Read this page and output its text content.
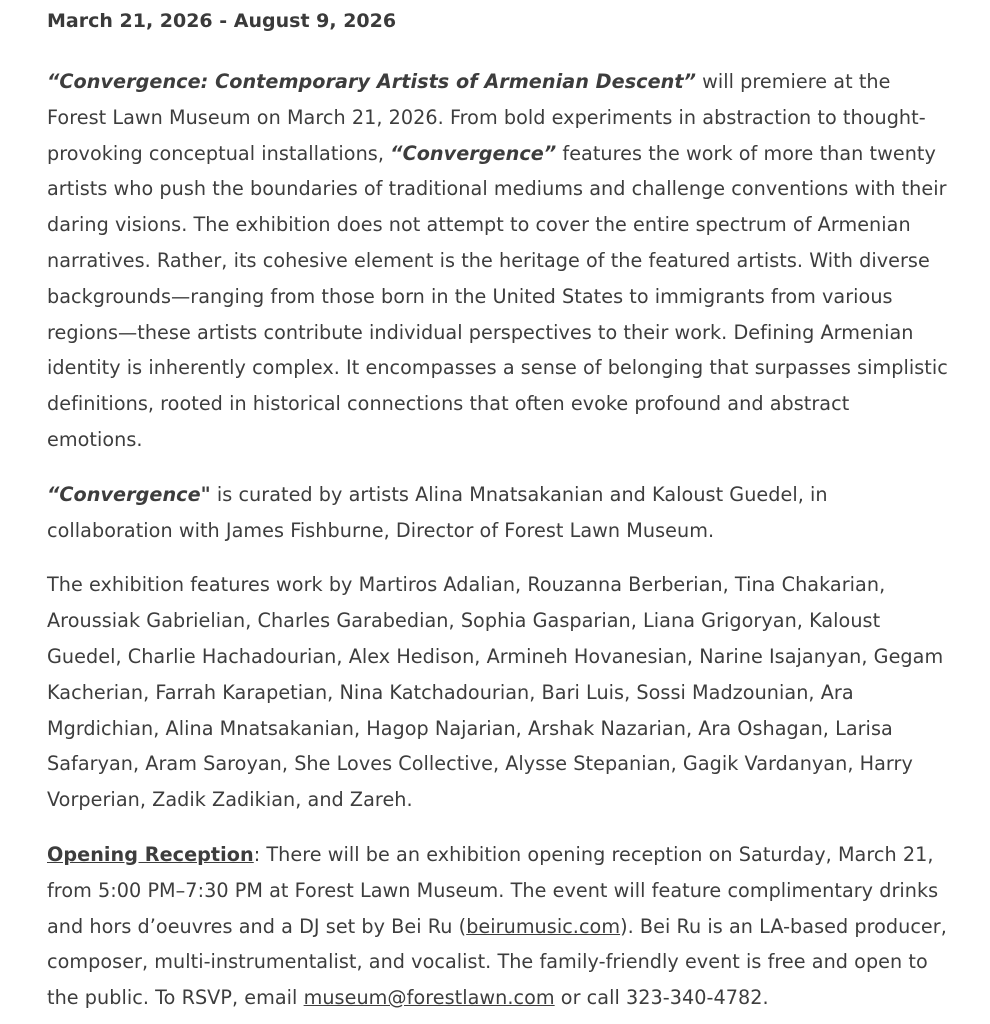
March 21, 2026 - August 9, 2026

“Convergence: Contemporary Artists of Armenian Descent” will premiere at the Forest Lawn Museum on March 21, 2026. From bold experiments in abstraction to thought-provoking conceptual installations, “Convergence” features the work of more than twenty artists who push the boundaries of traditional mediums and challenge conventions with their daring visions. The exhibition does not attempt to cover the entire spectrum of Armenian narratives. Rather, its cohesive element is the heritage of the featured artists. With diverse backgrounds—ranging from those born in the United States to immigrants from various regions—these artists contribute individual perspectives to their work. Defining Armenian identity is inherently complex. It encompasses a sense of belonging that surpasses simplistic definitions, rooted in historical connections that often evoke profound and abstract emotions.

“Convergence" is curated by artists Alina Mnatsakanian and Kaloust Guedel, in collaboration with James Fishburne, Director of Forest Lawn Museum.

The exhibition features work by Martiros Adalian, Rouzanna Berberian, Tina Chakarian, Aroussiak Gabrielian, Charles Garabedian, Sophia Gasparian, Liana Grigoryan, Kaloust Guedel, Charlie Hachadourian, Alex Hedison, Armineh Hovanesian, Narine Isajanyan, Gegam Kacherian, Farrah Karapetian, Nina Katchadourian, Bari Luis, Sossi Madzounian, Ara Mgrdichian, Alina Mnatsakanian, Hagop Najarian, Arshak Nazarian, Ara Oshagan, Larisa Safaryan, Aram Saroyan, She Loves Collective, Alysse Stepanian, Gagik Vardanyan, Harry Vorperian, Zadik Zadikian, and Zareh.

Opening Reception: There will be an exhibition opening reception on Saturday, March 21, from 5:00 PM–7:30 PM at Forest Lawn Museum. The event will feature complimentary drinks and hors d’oeuvres and a DJ set by Bei Ru (beirumusic.com). Bei Ru is an LA-based producer, composer, multi-instrumentalist, and vocalist. The family-friendly event is free and open to the public. To RSVP, email museum@forestlawn.com or call 323-340-4782.
